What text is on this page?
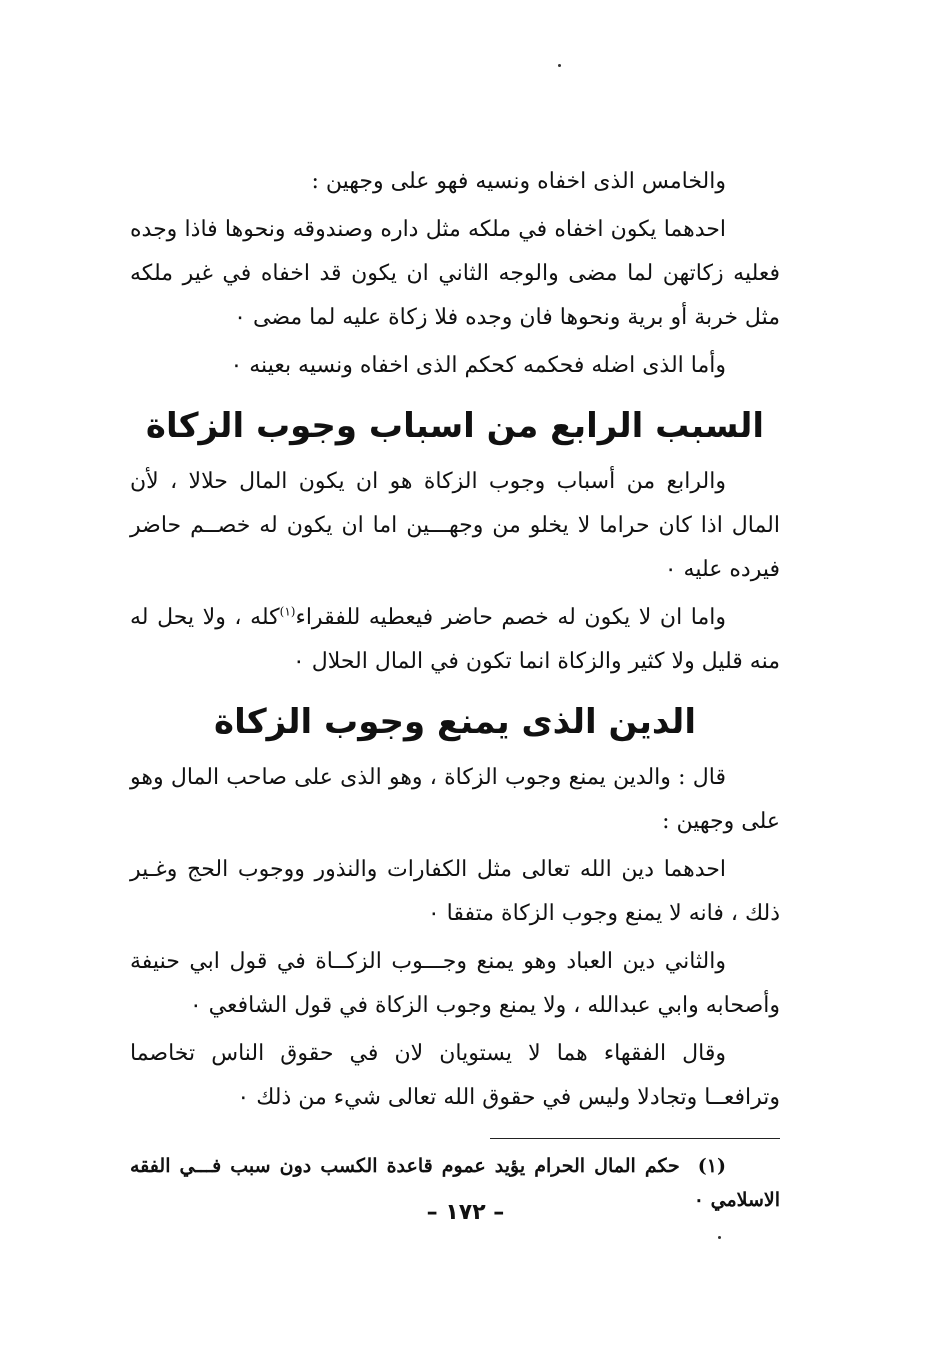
والخامس الذى اخفاه ونسيه فهو على وجهين :

احدهما يكون اخفاه في ملكه مثل داره وصندوقه ونحوها فاذا وجده فعليه زكاتهن لما مضى والوجه الثاني ان يكون قد اخفاه في غير ملكه مثل خربة أو برية ونحوها فان وجده فلا زكاة عليه لما مضى ٠

وأما الذى اضله فحكمه كحكم الذى اخفاه ونسيه بعينه ٠

السبب الرابع من اسباب وجوب الزكاة

والرابع من أسباب وجوب الزكاة هو ان يكون المال حلالا ، لأن المال اذا كان حراما لا يخلو من وجهـــين اما ان يكون له خصــم حاضر فيرده عليه ٠

واما ان لا يكون له خصم حاضر فيعطيه للفقراء$^{(١)}$كله ، ولا يحل له منه قليل ولا كثير والزكاة انما تكون في المال الحلال ٠

الدين الذى يمنع وجوب الزكاة

قال : والدين يمنع وجوب الزكاة ، وهو الذى على صاحب المال وهو على وجهين :

احدهما دين الله تعالى مثل الكفارات والنذور ووجوب الحج وغـير ذلك ، فانه لا يمنع وجوب الزكاة متفقا ٠

والثاني دين العباد وهو يمنع وجـــوب الزكــاة في قول ابي حنيفة وأصحابه وابي عبدالله ، ولا يمنع وجوب الزكاة في قول الشافعي ٠

وقال الفقهاء هما لا يستويان لان في حقوق الناس تخاصما وترافعــا وتجادلا وليس في حقوق الله تعالى شيء من ذلك ٠

(١)حكم المال الحرام يؤيد عموم قاعدة الكسب دون سبب فـــي الفقه الاسلامي ٠

– ١٧٢ –
